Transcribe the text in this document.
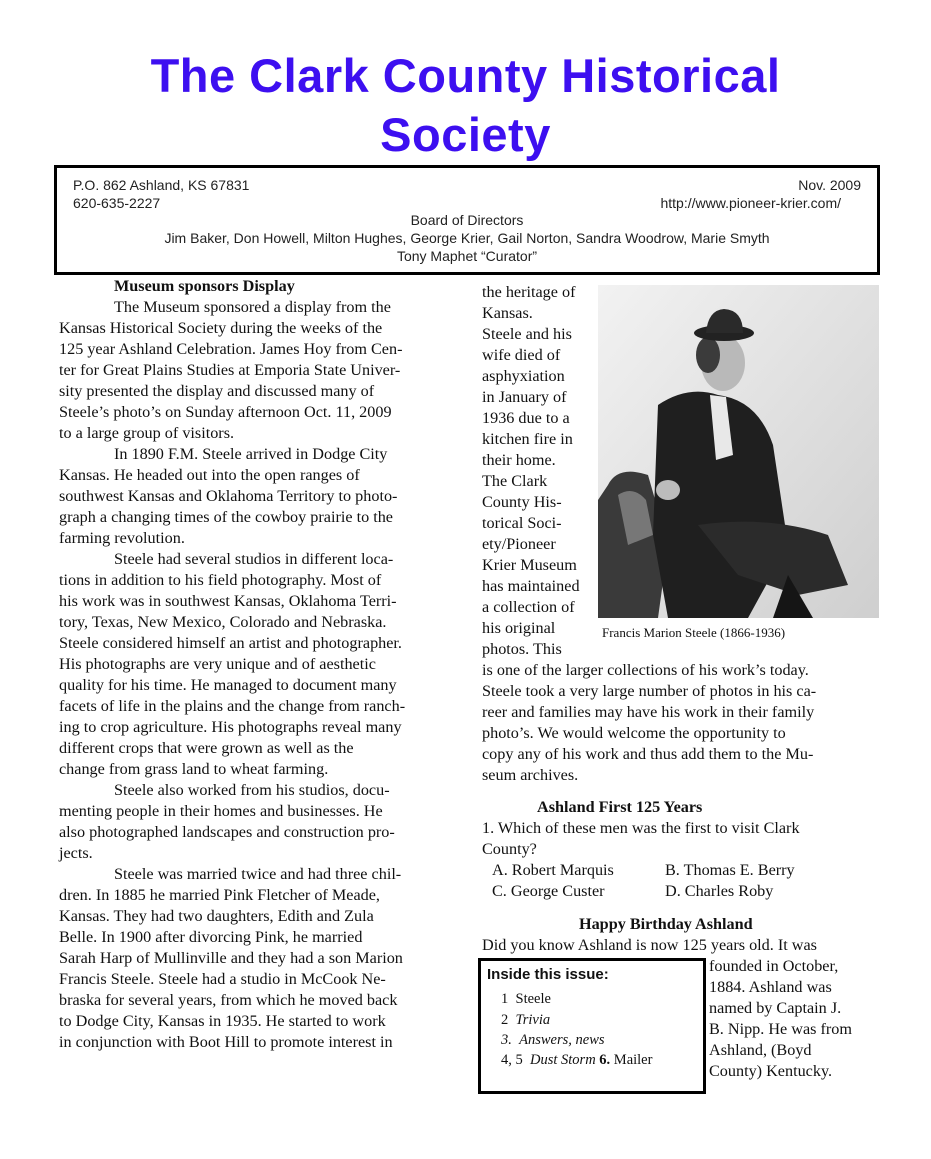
The Clark County Historical
Society
P.O. 862 Ashland, KS 67831	Nov. 2009
620-635-2227	http://www.pioneer-krier.com/
Board of Directors
Jim Baker, Don Howell, Milton Hughes, George Krier, Gail Norton, Sandra Woodrow, Marie Smyth
Tony Maphet “Curator”
Museum sponsors Display
The Museum sponsored a display from the
Kansas Historical Society during the weeks of the
125 year Ashland Celebration. James Hoy from Cen-
ter for Great Plains Studies at Emporia State Univer-
sity presented the display and discussed many of
Steele’s photo’s on Sunday afternoon Oct. 11, 2009
to a large group of visitors.
In 1890 F.M. Steele arrived in Dodge City
Kansas. He headed out into the open ranges of
southwest Kansas and Oklahoma Territory to photo-
graph a changing times of the cowboy prairie to the
farming revolution.
Steele had several studios in different loca-
tions in addition to his field photography. Most of
his work was in southwest Kansas, Oklahoma Terri-
tory, Texas, New Mexico, Colorado and Nebraska.
Steele considered himself an artist and photographer.
His photographs are very unique and of aesthetic
quality for his time. He managed to document many
facets of life in the plains and the change from ranch-
ing to crop agriculture. His photographs reveal many
different crops that were grown as well as the
change from grass land to wheat farming.
Steele also worked from his studios, docu-
menting people in their homes and businesses. He
also photographed landscapes and construction pro-
jects.
Steele was married twice and had three chil-
dren. In 1885 he married Pink Fletcher of Meade,
Kansas. They had two daughters, Edith and Zula
Belle. In 1900 after divorcing Pink, he married
Sarah Harp of Mullinville and they had a son Marion
Francis Steele. Steele had a studio in McCook Ne-
braska for several years, from which he moved back
to Dodge City, Kansas in 1935. He started to work
in conjunction with Boot Hill to promote interest in
the heritage of
Kansas.
Steele and his
wife died of
asphyxiation
in January of
1936 due to a
kitchen fire in
their home.
The Clark
County His-
torical Soci-
ety/Pioneer
Krier Museum
has maintained
a collection of
his original
photos. This
Francis Marion Steele (1866-1936)
is one of the larger collections of his work’s today.
Steele took a very large number of photos in his ca-
reer and families may have his work in their family
photo’s. We would welcome the opportunity to
copy any of his work and thus add them to the Mu-
seum archives.
Ashland First 125 Years
1. Which of these men was the first to visit Clark
County?
A. Robert Marquis	B. Thomas E. Berry
C. George Custer	D. Charles Roby
Happy Birthday Ashland
Did you know Ashland is now 125 years old. It was
founded in October,
1884. Ashland was
named by Captain J.
B. Nipp. He was from
Ashland, (Boyd
County) Kentucky.
Inside this issue:
1 Steele
2 Trivia
3. Answers, news
4, 5 Dust Storm 6. Mailer
